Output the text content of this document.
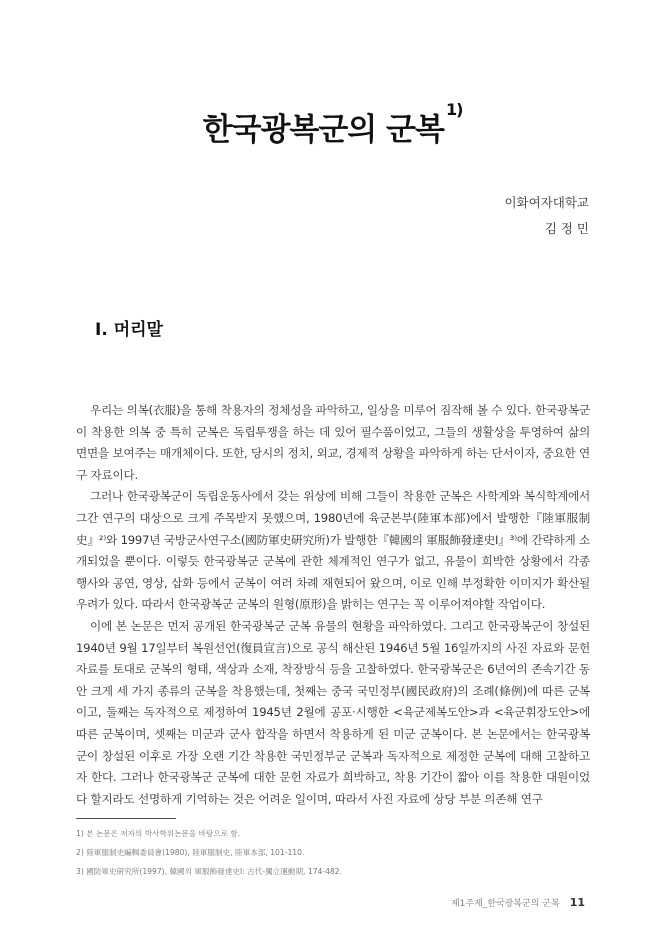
한국광복군의 군복$^{1)}$
이화여자대학교
김 정 민
Ⅰ. 머리말

우리는 의복(衣服)을 통해 착용자의 정체성을 파악하고, 일상을 미루어 짐작해 볼 수 있다. 한국광복군이 착용한 의복 중 특히 군복은 독립투쟁을 하는 데 있어 필수품이었고, 그들의 생활상을 투영하여 삶의 면면을 보여주는 매개체이다. 또한, 당시의 정치, 외교, 경제적 상황을 파악하게 하는 단서이자, 중요한 연구 자료이다.

그러나 한국광복군이 독립운동사에서 갖는 위상에 비해 그들이 착용한 군복은 사학계와 복식학계에서 그간 연구의 대상으로 크게 주목받지 못했으며, 1980년에 육군본부(陸軍本部)에서 발행한『陸軍服制史』²⁾와 1997년 국방군사연구소(國防軍史硏究所)가 발행한『韓國의 軍服飾發達史Ⅰ』³⁾에 간략하게 소개되었을 뿐이다. 이렇듯 한국광복군 군복에 관한 체계적인 연구가 없고, 유물이 희박한 상황에서 각종 행사와 공연, 영상, 삽화 등에서 군복이 여러 차례 재현되어 왔으며, 이로 인해 부정확한 이미지가 확산될 우려가 있다. 따라서 한국광복군 군복의 원형(原形)을 밝히는 연구는 꼭 이루어져야할 작업이다.

이에 본 논문은 먼저 공개된 한국광복군 군복 유물의 현황을 파악하였다. 그리고 한국광복군이 창설된 1940년 9월 17일부터 복원선언(復員宣言)으로 공식 해산된 1946년 5월 16일까지의 사진 자료와 문헌 자료를 토대로 군복의 형태, 색상과 소재, 착장방식 등을 고찰하였다. 한국광복군은 6년여의 존속기간 동안 크게 세 가지 종류의 군복을 착용했는데, 첫째는 중국 국민정부(國民政府)의 조례(條例)에 따른 군복이고, 둘째는 독자적으로 제정하여 1945년 2월에 공포·시행한 <육군제복도안>과 <육군휘장도안>에 따른 군복이며, 셋째는 미군과 군사 합작을 하면서 착용하게 된 미군 군복이다. 본 논문에서는 한국광복군이 창설된 이후로 가장 오랜 기간 착용한 국민정부군 군복과 독자적으로 제정한 군복에 대해 고찰하고자 한다. 그러나 한국광복군 군복에 대한 문헌 자료가 희박하고, 착용 기간이 짧아 이를 착용한 대원이었다 할지라도 선명하게 기억하는 것은 어려운 일이며, 따라서 사진 자료에 상당 부분 의존해 연구

1) 본 논문은 저자의 박사학위논문을 바탕으로 함.
2) 陸軍服制史編輯委員會(1980), 陸軍服制史, 陸軍本部, 101-110.
3) 國防軍史硏究所(1997), 韓國의 軍服飾發達史Ⅰ: 古代-獨立運動期, 174-482.
제1주제_한국광복군의 군복 11
